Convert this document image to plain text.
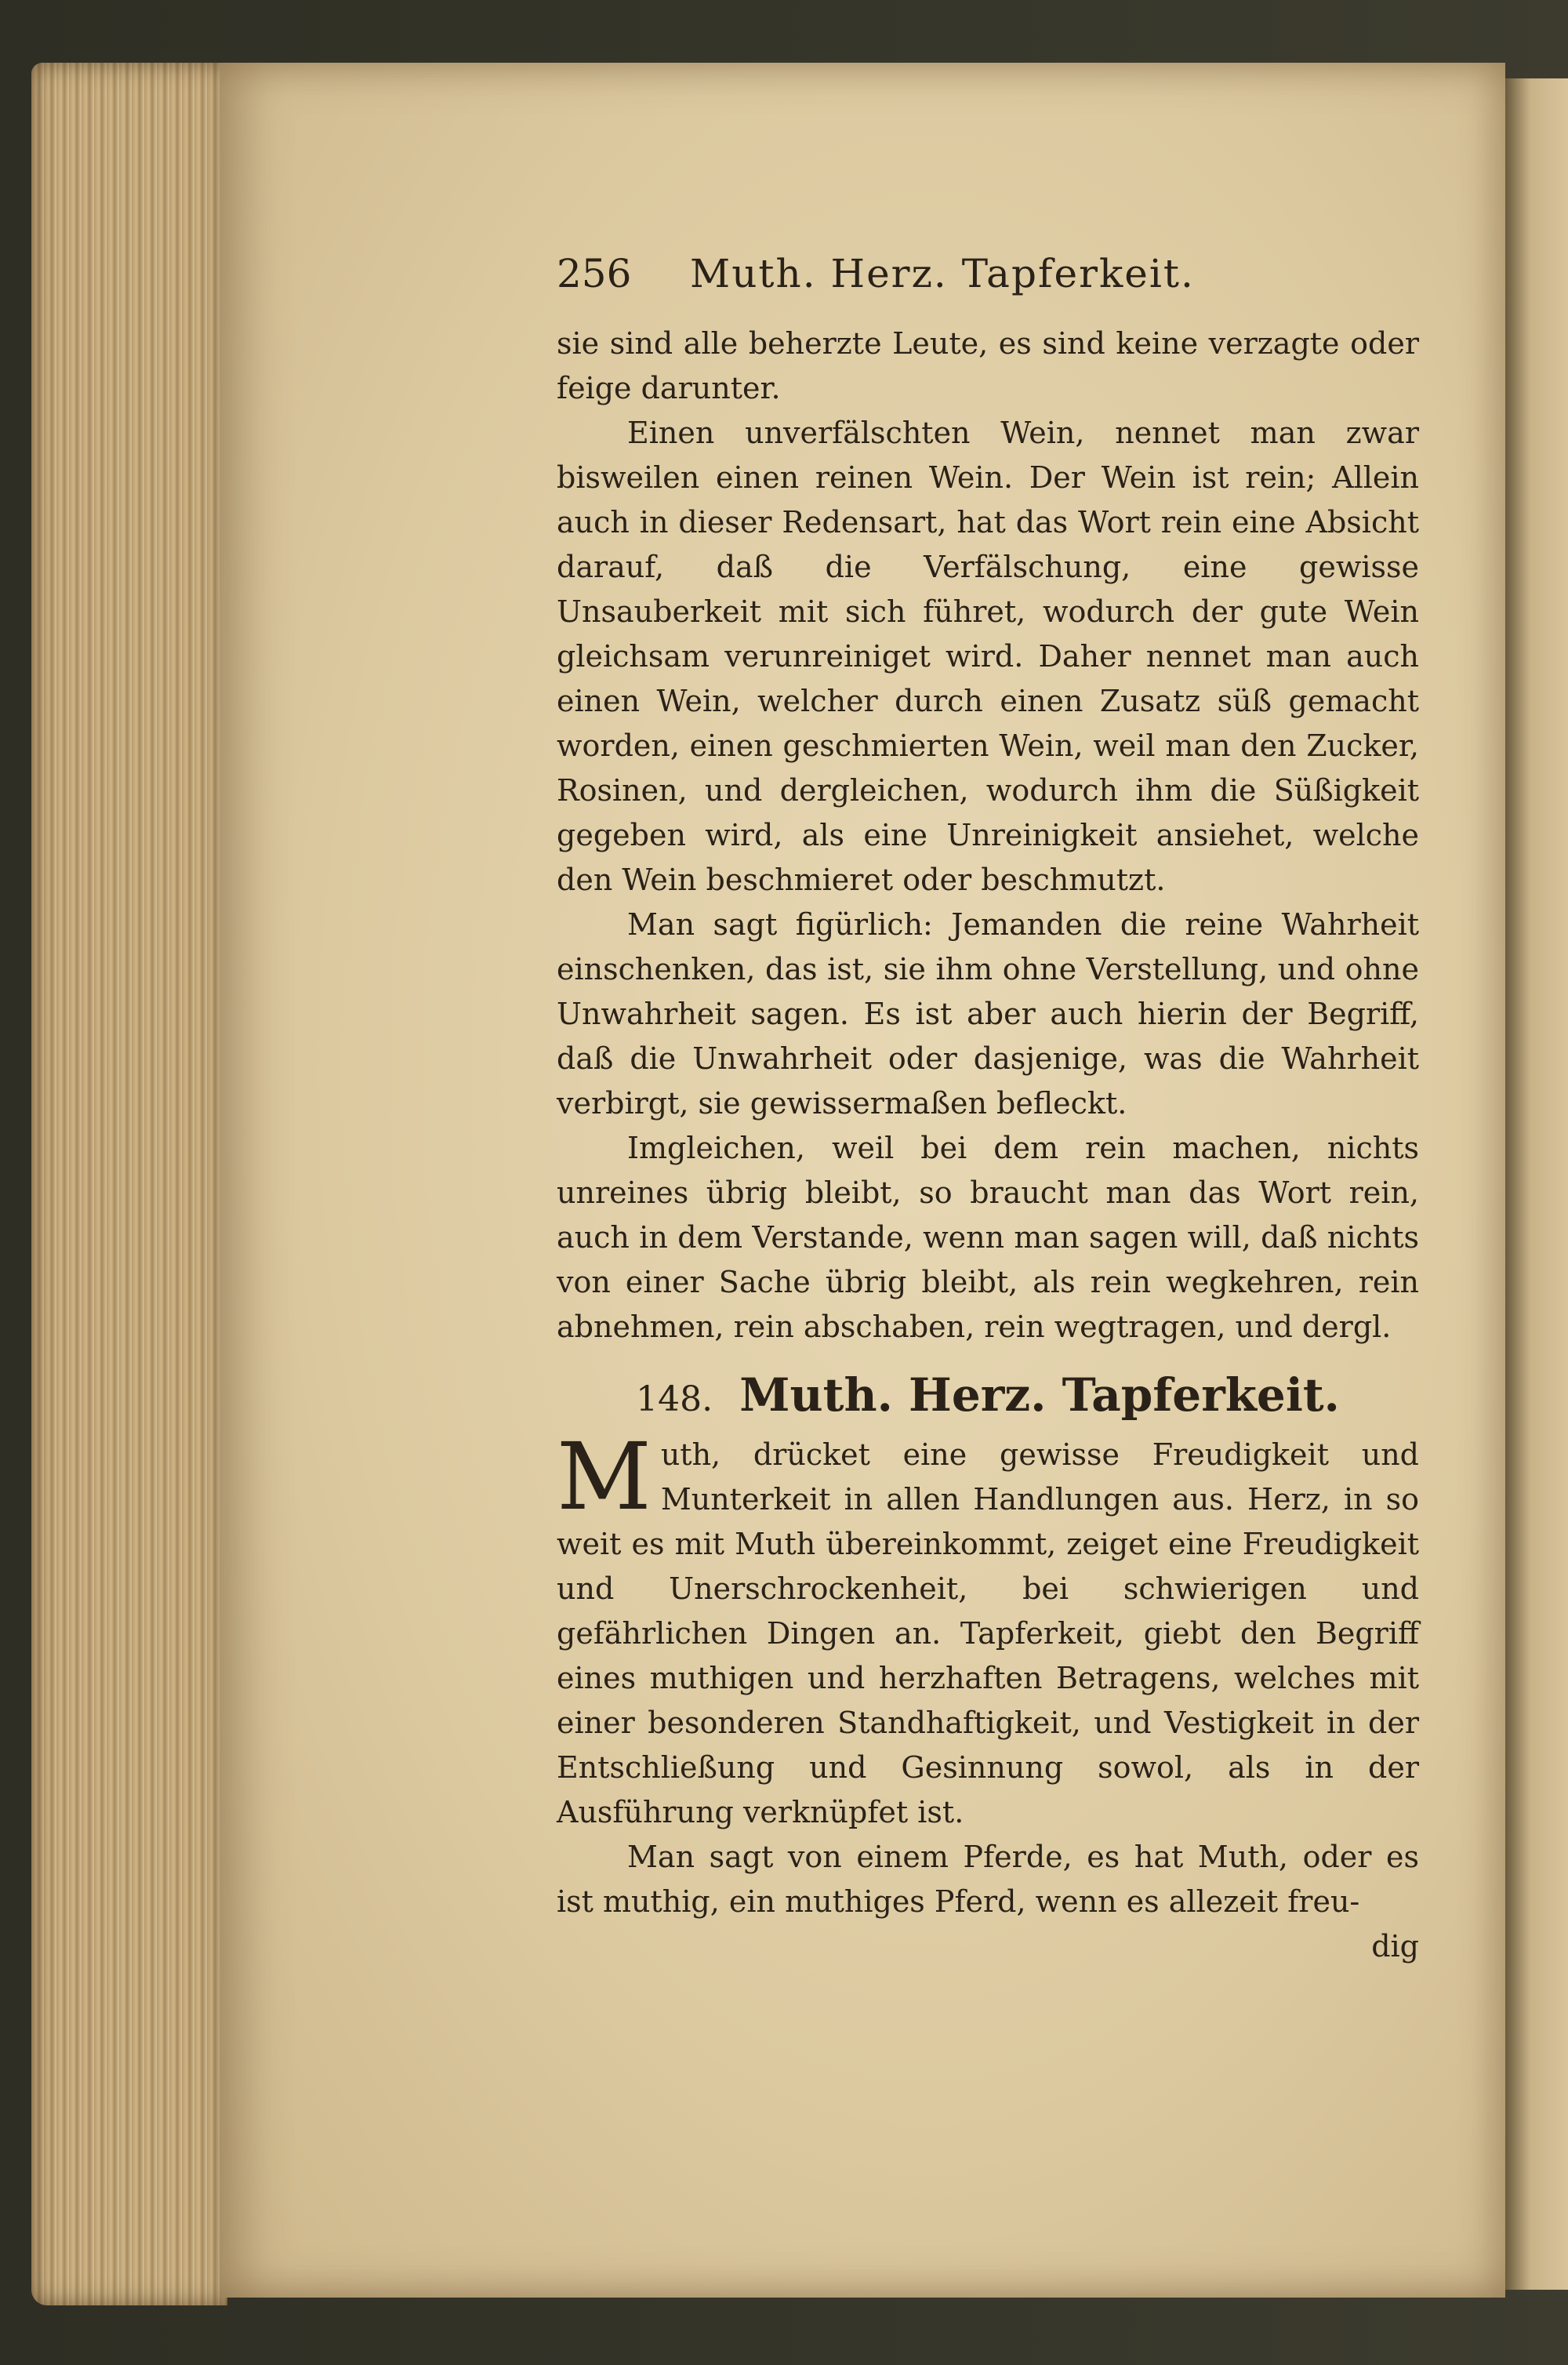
256	Muth. Herz. Tapferkeit.

sie sind alle beherzte Leute, es sind keine verzagte oder feige darunter.

Einen unverfälschten Wein, nennet man zwar bisweilen einen reinen Wein. Der Wein ist rein; Allein auch in dieser Redensart, hat das Wort rein eine Absicht darauf, daß die Verfälschung, eine gewisse Unsauberkeit mit sich führet, wodurch der gute Wein gleichsam verunreiniget wird. Daher nennet man auch einen Wein, welcher durch einen Zusatz süß gemacht worden, einen geschmierten Wein, weil man den Zucker, Rosinen, und dergleichen, wodurch ihm die Süßigkeit gegeben wird, als eine Unreinigkeit ansiehet, welche den Wein beschmieret oder beschmutzt.

Man sagt figürlich: Jemanden die reine Wahrheit einschenken, das ist, sie ihm ohne Verstellung, und ohne Unwahrheit sagen. Es ist aber auch hierin der Begriff, daß die Unwahrheit oder dasjenige, was die Wahrheit verbirgt, sie gewissermaßen befleckt.

Imgleichen, weil bei dem rein machen, nichts unreines übrig bleibt, so braucht man das Wort rein, auch in dem Verstande, wenn man sagen will, daß nichts von einer Sache übrig bleibt, als rein wegkehren, rein abnehmen, rein abschaben, rein wegtragen, und dergl.

148. Muth. Herz. Tapferkeit.

M uth, drücket eine gewisse Freudigkeit und Munterkeit in allen Handlungen aus. Herz, in so weit es mit Muth übereinkommt, zeiget eine Freudigkeit und Unerschrockenheit, bei schwierigen und gefährlichen Dingen an. Tapferkeit, giebt den Begriff eines muthigen und herzhaften Betragens, welches mit einer besonderen Standhaftigkeit, und Vestigkeit in der Entschließung und Gesinnung sowol, als in der Ausführung verknüpfet ist.

Man sagt von einem Pferde, es hat Muth, oder es ist muthig, ein muthiges Pferd, wenn es allezeit freu-

dig
